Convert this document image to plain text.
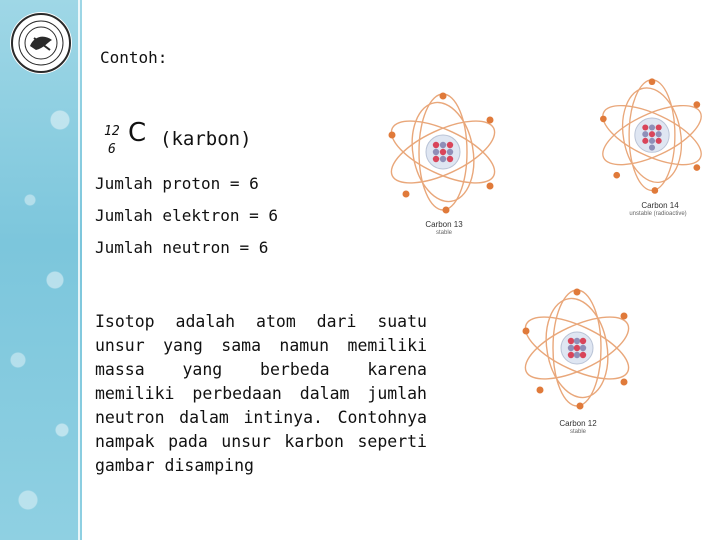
Contoh:
12
6
C (karbon)
Jumlah proton = 6
Jumlah elektron = 6
Jumlah neutron = 6
Isotop adalah atom dari suatu unsur yang sama namun memiliki massa yang berbeda karena memiliki perbedaan dalam jumlah neutron dalam intinya. Contohnya nampak pada unsur karbon seperti gambar disamping
Carbon 13
stable
Carbon 14
unstable (radioactive)
Carbon 12
stable
